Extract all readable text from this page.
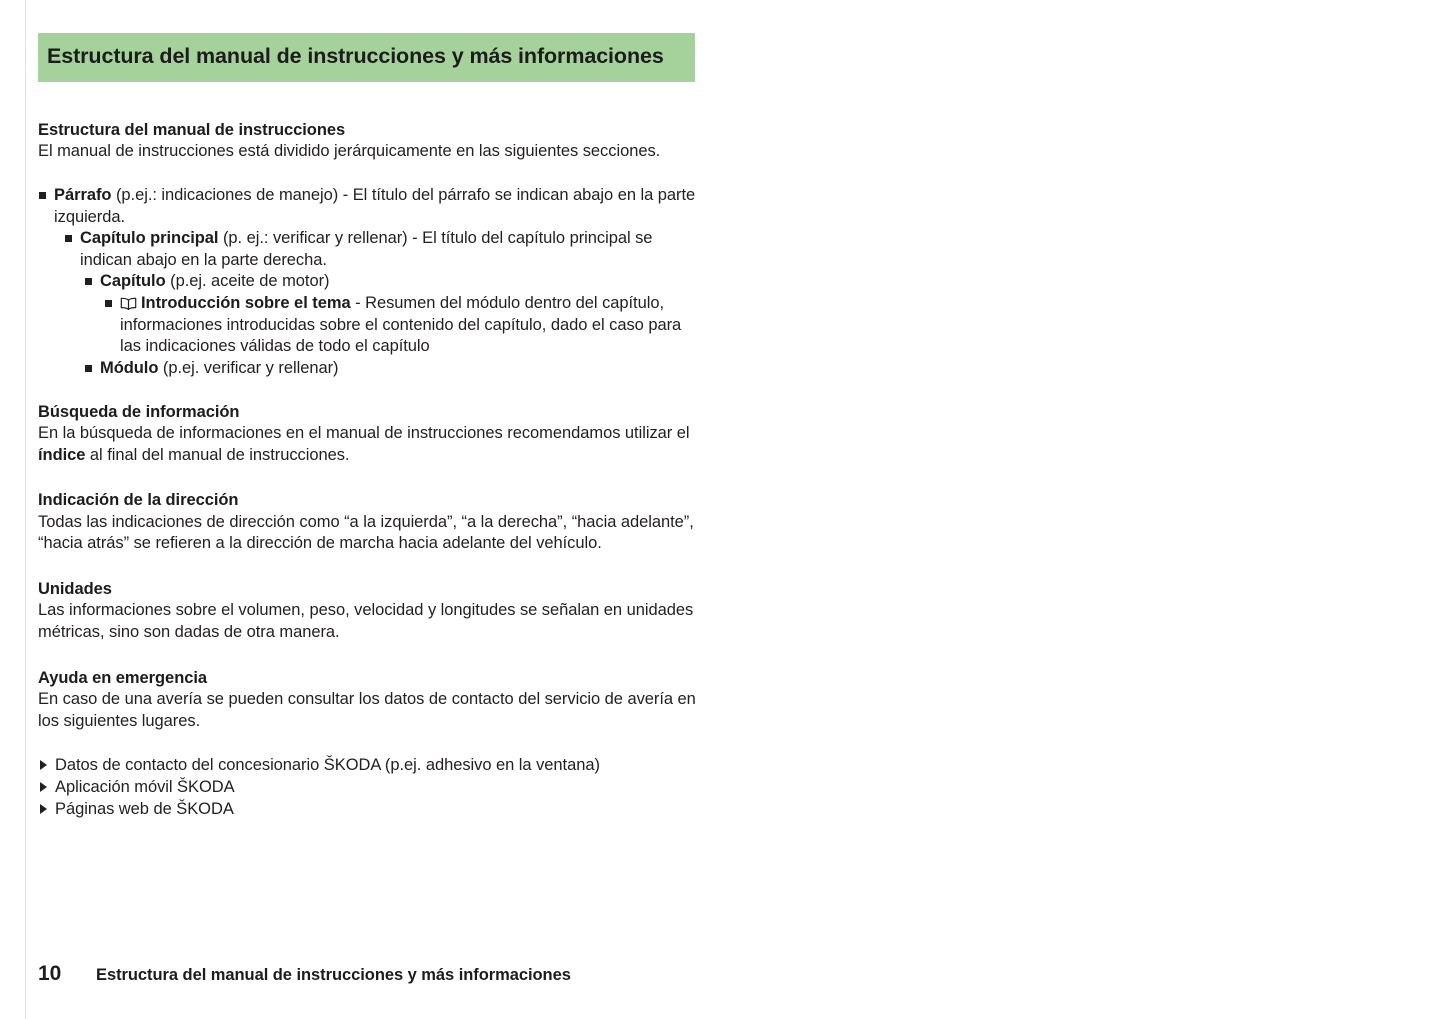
Estructura del manual de instrucciones y más informaciones
Estructura del manual de instrucciones

El manual de instrucciones está dividido jerárquicamente en las siguientes secciones.

Párrafo (p.ej.: indicaciones de manejo) - El título del párrafo se indican abajo en la parte izquierda.
Capítulo principal (p. ej.: verificar y rellenar) - El título del capítulo principal se indican abajo en la parte derecha.
Capítulo (p.ej. aceite de motor)
Introducción sobre el tema - Resumen del módulo dentro del capítulo, informaciones introducidas sobre el contenido del capítulo, dado el caso para las indicaciones válidas de todo el capítulo
Módulo (p.ej. verificar y rellenar)
Búsqueda de información

En la búsqueda de informaciones en el manual de instrucciones recomendamos utilizar el índice al final del manual de instrucciones.

Indicación de la dirección

Todas las indicaciones de dirección como “a la izquierda”, “a la derecha”, “hacia adelante”, “hacia atrás” se refieren a la dirección de marcha hacia adelante del vehículo.

Unidades

Las informaciones sobre el volumen, peso, velocidad y longitudes se señalan en unidades métricas, sino son dadas de otra manera.

Ayuda en emergencia

En caso de una avería se pueden consultar los datos de contacto del servicio de avería en los siguientes lugares.

Datos de contacto del concesionario ŠKODA (p.ej. adhesivo en la ventana)
Aplicación móvil ŠKODA
Páginas web de ŠKODA
10	Estructura del manual de instrucciones y más informaciones
